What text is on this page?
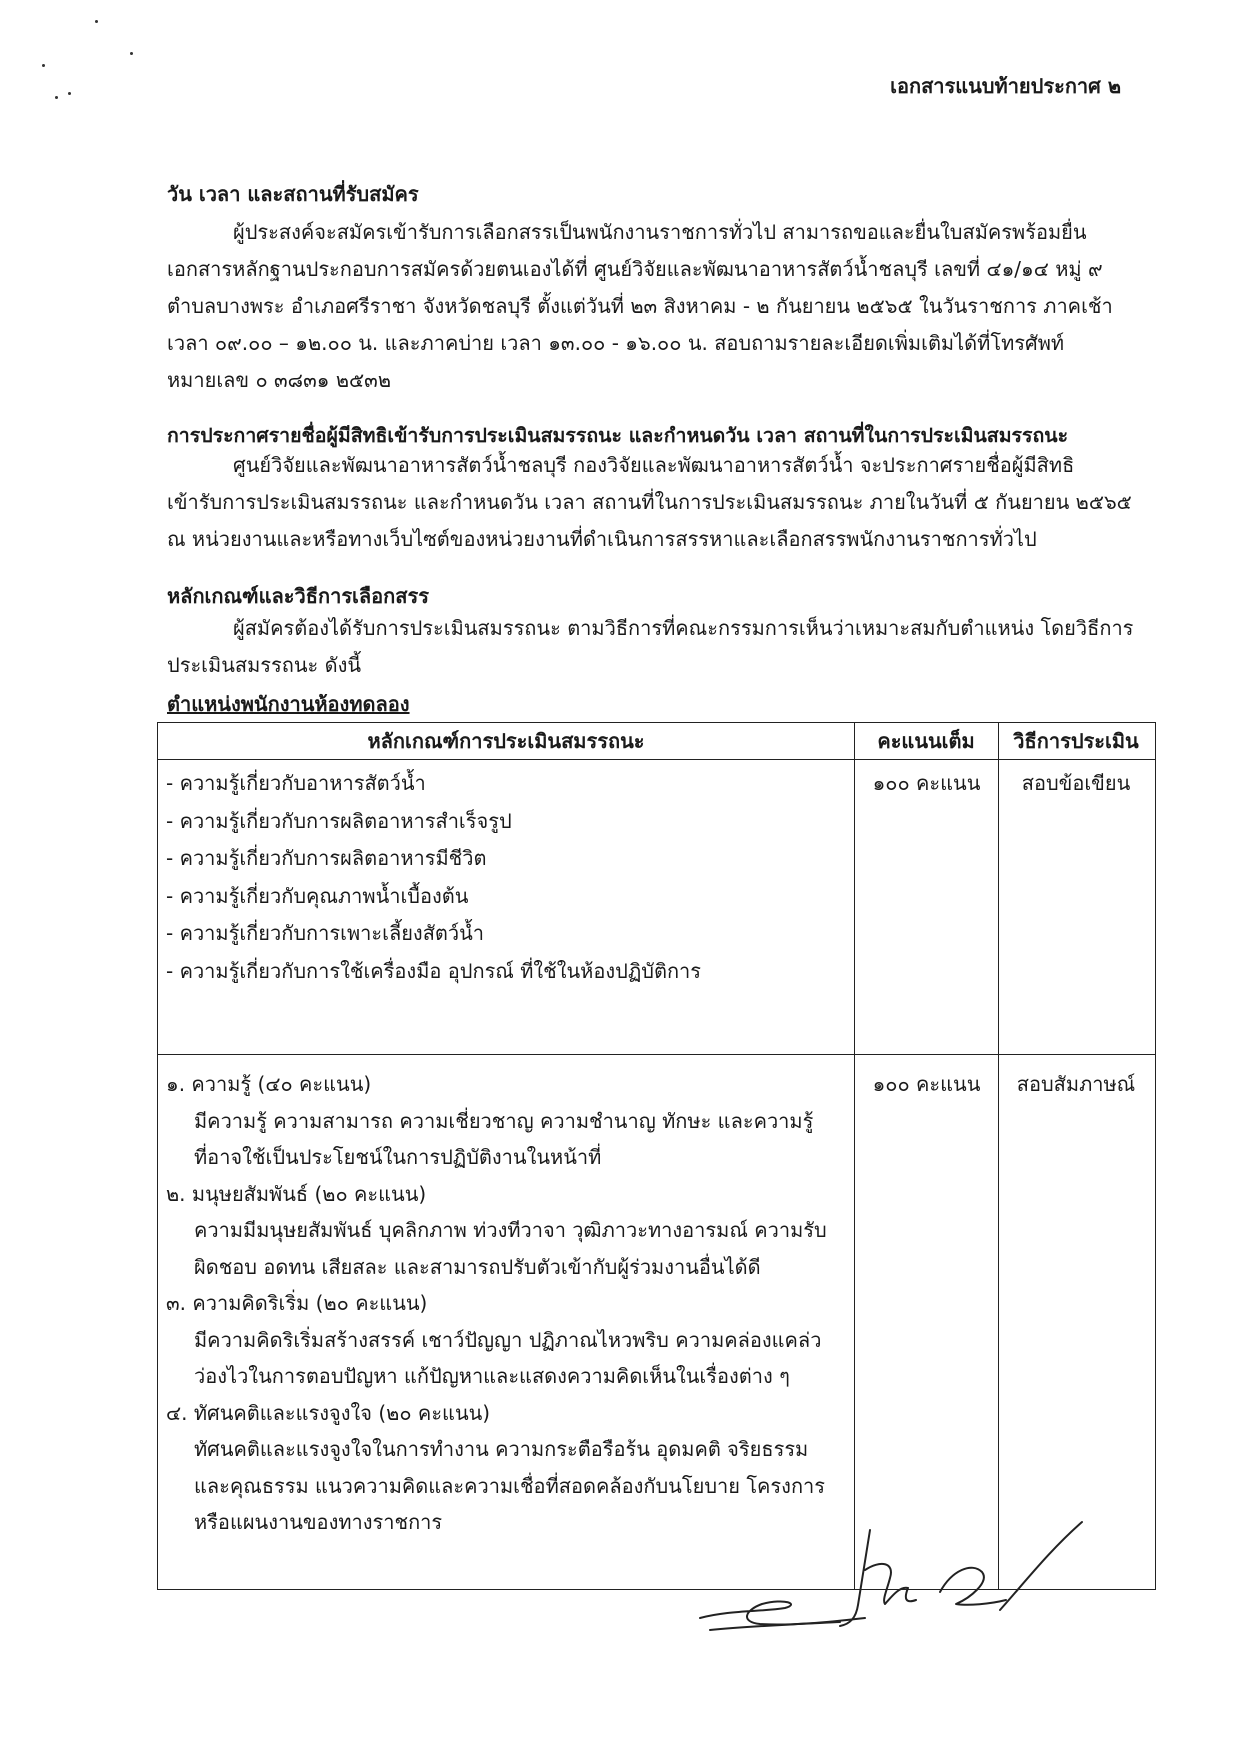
เอกสารแนบท้ายประกาศ ๒
วัน เวลา และสถานที่รับสมัคร
ผู้ประสงค์จะสมัครเข้ารับการเลือกสรรเป็นพนักงานราชการทั่วไป สามารถขอและยื่นใบสมัครพร้อมยื่น
เอกสารหลักฐานประกอบการสมัครด้วยตนเองได้ที่ ศูนย์วิจัยและพัฒนาอาหารสัตว์น้ำชลบุรี เลขที่ ๔๑/๑๔ หมู่ ๙
ตำบลบางพระ อำเภอศรีราชา จังหวัดชลบุรี ตั้งแต่วันที่ ๒๓ สิงหาคม - ๒ กันยายน ๒๕๖๕ ในวันราชการ ภาคเช้า
เวลา ๐๙.๐๐ – ๑๒.๐๐ น. และภาคบ่าย เวลา ๑๓.๐๐ - ๑๖.๐๐ น. สอบถามรายละเอียดเพิ่มเติมได้ที่โทรศัพท์
หมายเลข ๐ ๓๘๓๑ ๒๕๓๒
การประกาศรายชื่อผู้มีสิทธิเข้ารับการประเมินสมรรถนะ และกำหนดวัน เวลา สถานที่ในการประเมินสมรรถนะ
ศูนย์วิจัยและพัฒนาอาหารสัตว์น้ำชลบุรี กองวิจัยและพัฒนาอาหารสัตว์น้ำ จะประกาศรายชื่อผู้มีสิทธิ
เข้ารับการประเมินสมรรถนะ และกำหนดวัน เวลา สถานที่ในการประเมินสมรรถนะ ภายในวันที่ ๕ กันยายน ๒๕๖๕
ณ หน่วยงานและหรือทางเว็บไซต์ของหน่วยงานที่ดำเนินการสรรหาและเลือกสรรพนักงานราชการทั่วไป
หลักเกณฑ์และวิธีการเลือกสรร
ผู้สมัครต้องได้รับการประเมินสมรรถนะ ตามวิธีการที่คณะกรรมการเห็นว่าเหมาะสมกับตำแหน่ง โดยวิธีการ
ประเมินสมรรถนะ ดังนี้
ตำแหน่งพนักงานห้องทดลอง
หลักเกณฑ์การประเมินสมรรถนะ	คะแนนเต็ม	วิธีการประเมิน
- ความรู้เกี่ยวกับอาหารสัตว์น้ำ
- ความรู้เกี่ยวกับการผลิตอาหารสำเร็จรูป
- ความรู้เกี่ยวกับการผลิตอาหารมีชีวิต
- ความรู้เกี่ยวกับคุณภาพน้ำเบื้องต้น
- ความรู้เกี่ยวกับการเพาะเลี้ยงสัตว์น้ำ
- ความรู้เกี่ยวกับการใช้เครื่องมือ อุปกรณ์ ที่ใช้ในห้องปฏิบัติการ
๑๐๐ คะแนน	สอบข้อเขียน
๑. ความรู้ (๔๐ คะแนน)
มีความรู้ ความสามารถ ความเชี่ยวชาญ ความชำนาญ ทักษะ และความรู้
ที่อาจใช้เป็นประโยชน์ในการปฏิบัติงานในหน้าที่
๒. มนุษยสัมพันธ์ (๒๐ คะแนน)
ความมีมนุษยสัมพันธ์ บุคลิกภาพ ท่วงทีวาจา วุฒิภาวะทางอารมณ์ ความรับ
ผิดชอบ อดทน เสียสละ และสามารถปรับตัวเข้ากับผู้ร่วมงานอื่นได้ดี
๓. ความคิดริเริ่ม (๒๐ คะแนน)
มีความคิดริเริ่มสร้างสรรค์ เชาว์ปัญญา ปฏิภาณไหวพริบ ความคล่องแคล่ว
ว่องไวในการตอบปัญหา แก้ปัญหาและแสดงความคิดเห็นในเรื่องต่าง ๆ
๔. ทัศนคติและแรงจูงใจ (๒๐ คะแนน)
ทัศนคติและแรงจูงใจในการทำงาน ความกระตือรือร้น อุดมคติ จริยธรรม
และคุณธรรม แนวความคิดและความเชื่อที่สอดคล้องกับนโยบาย โครงการ
หรือแผนงานของทางราชการ
๑๐๐ คะแนน	สอบสัมภาษณ์
